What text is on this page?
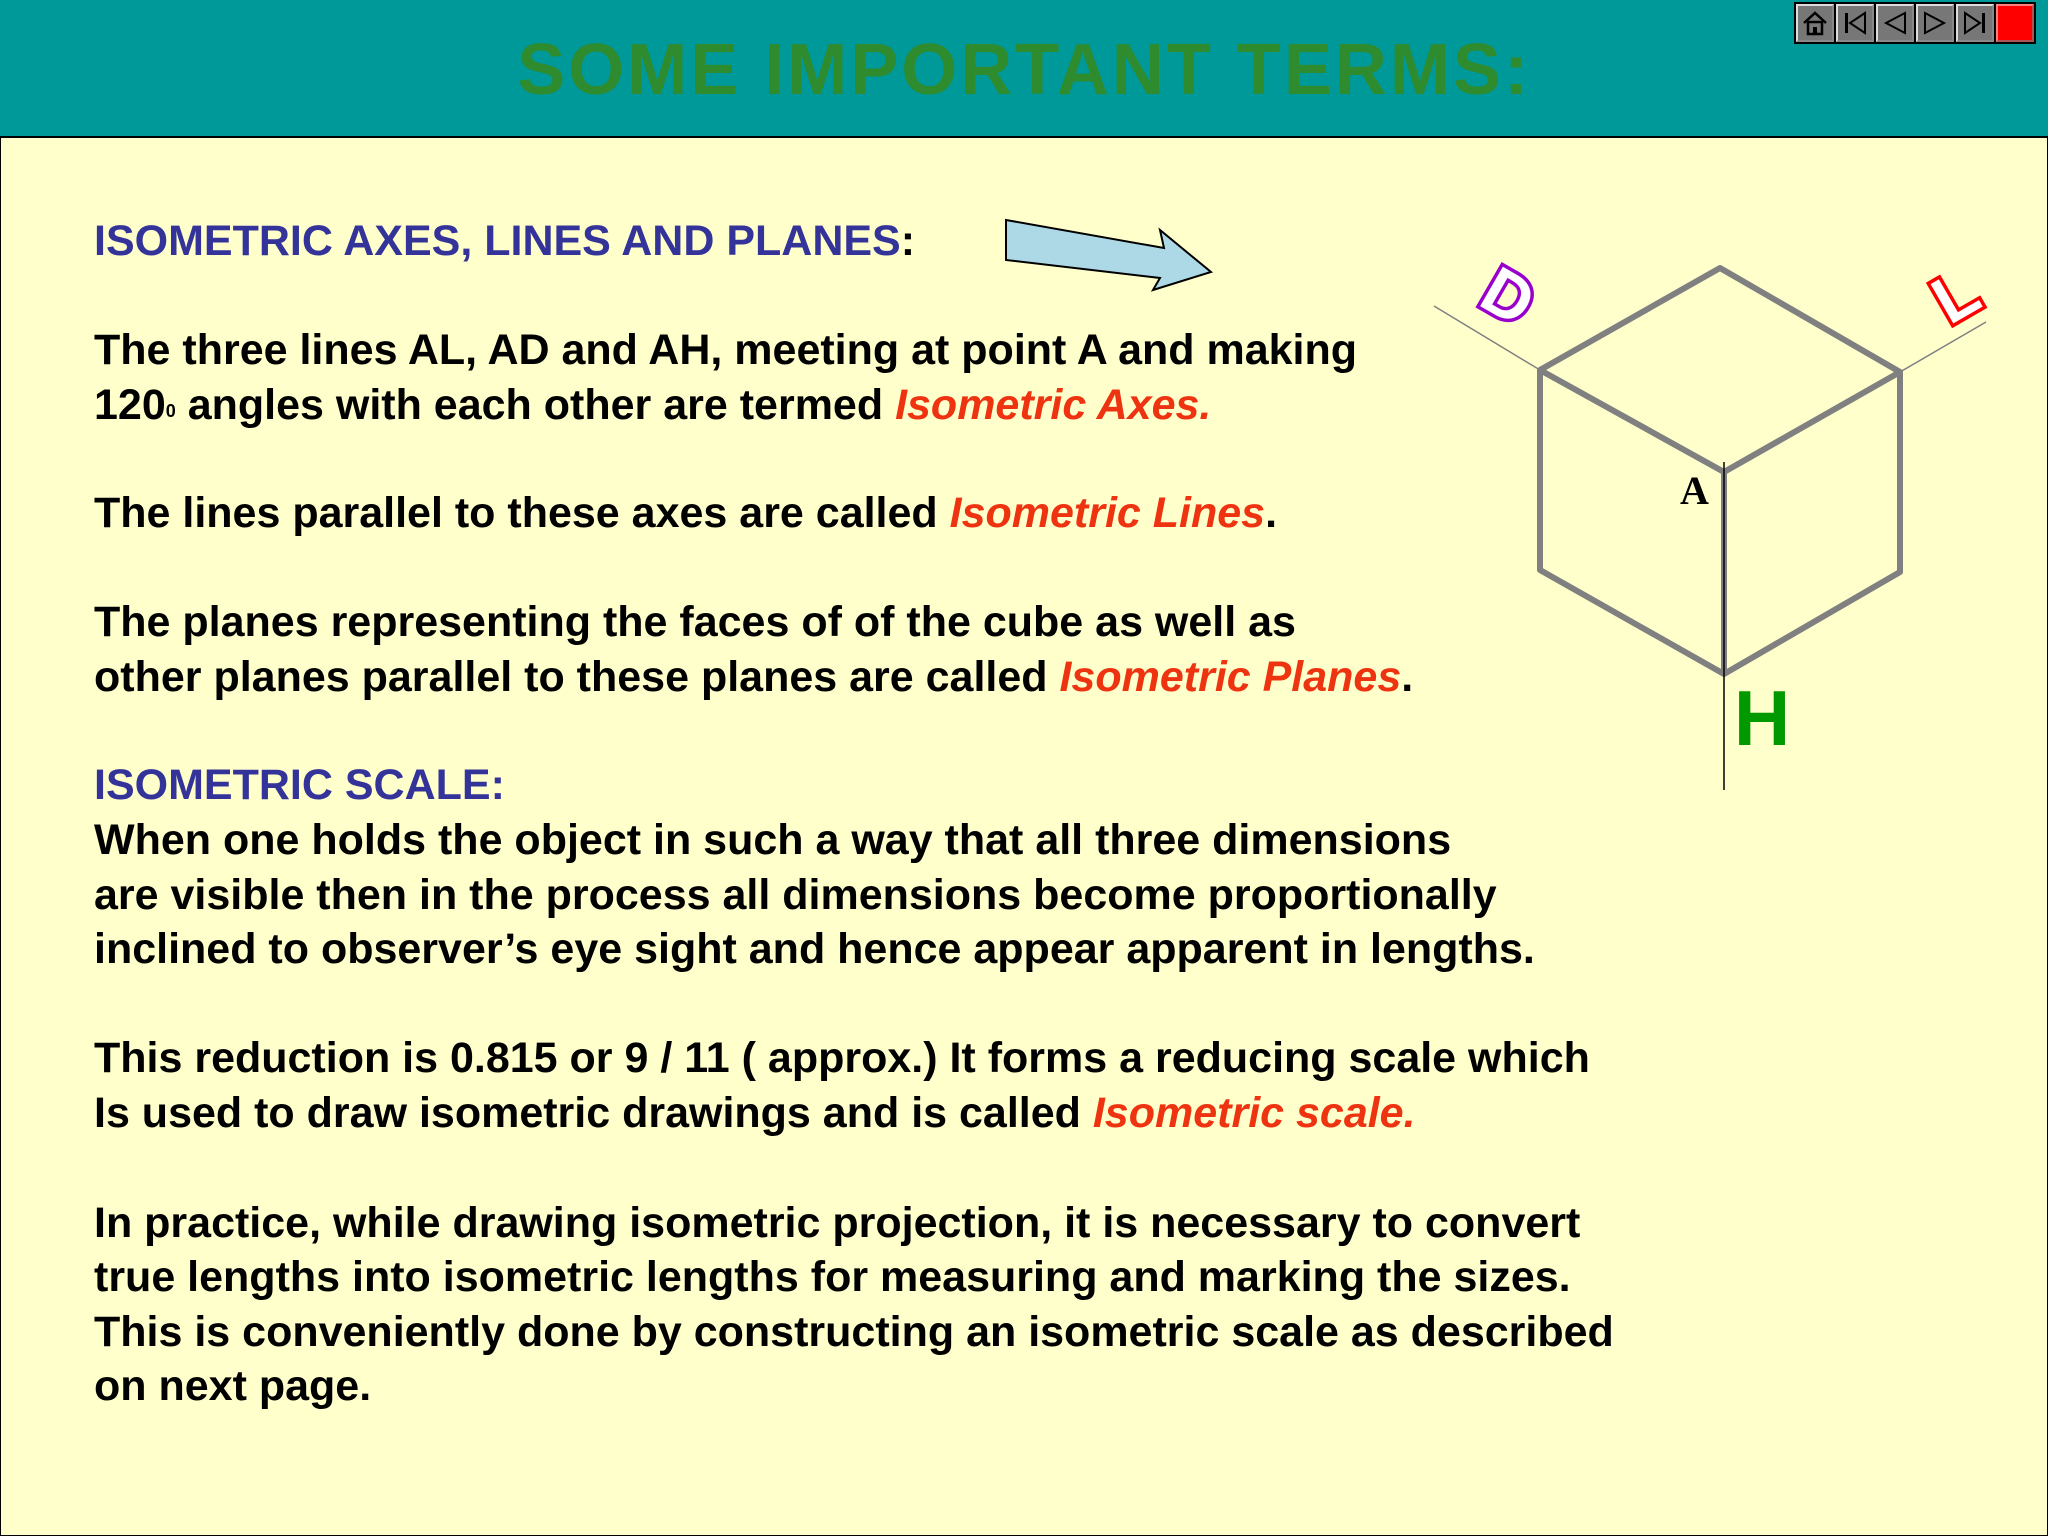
SOME IMPORTANT TERMS:

ISOMETRIC AXES, LINES AND PLANES:

The three lines AL, AD and AH, meeting at point A and making

$120^0$ angles with each other are termed Isometric Axes.

The lines parallel to these axes are called Isometric Lines.

The planes representing the faces of of the cube as well as

other planes parallel to these planes are called Isometric Planes.

ISOMETRIC SCALE:

When one holds the object in such a way that all three dimensions

are visible then in the process all dimensions become proportionally

inclined to observer’s eye sight and hence appear apparent in lengths.

This reduction is 0.815 or 9 / 11 ( approx.) It forms a reducing scale which

Is used to draw isometric drawings and is called Isometric scale.

In practice, while drawing isometric projection, it is necessary to convert

true lengths into isometric lengths for measuring and marking the sizes.

This is conveniently done by constructing an isometric scale as described

on next page.

A
D	L
H
